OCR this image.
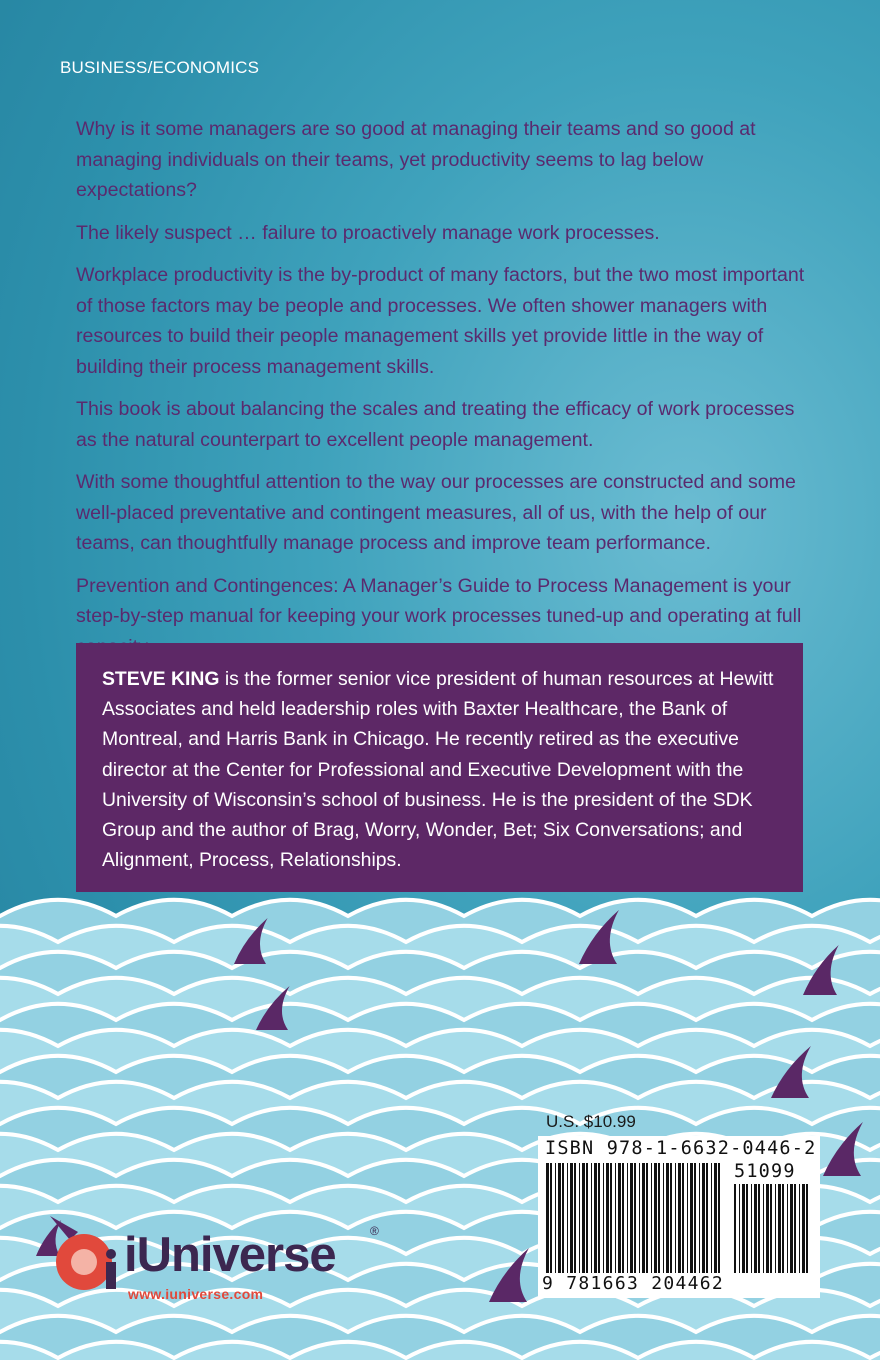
BUSINESS/ECONOMICS

Why is it some managers are so good at managing their teams and so good at managing individuals on their teams, yet productivity seems to lag below expectations?

The likely suspect … failure to proactively manage work processes.

Workplace productivity is the by-product of many factors, but the two most important of those factors may be people and processes. We often shower managers with resources to build their people management skills yet provide little in the way of building their process management skills.

This book is about balancing the scales and treating the efficacy of work processes as the natural counterpart to excellent people management.

With some thoughtful attention to the way our processes are constructed and some well-placed preventative and contingent measures, all of us, with the help of our teams, can thoughtfully manage process and improve team performance.

Prevention and Contingences: A Manager’s Guide to Process Management is your step-by-step manual for keeping your work processes tuned-up and operating at full

STEVE KING is the former senior vice president of human resources at Hewitt Associates and held leadership roles with Baxter Healthcare, the Bank of Montreal, and Harris Bank in Chicago. He recently retired as the executive director at the Center for Professional and Executive Development with the University of Wisconsin’s school of business. He is the president of the SDK Group and the author of Brag, Worry, Wonder, Bet; Six Conversations; and Alignment, Process, Relationships.

U.S. $10.99
ISBN 978-1-6632-0446-2
51099
9 781663 204462
iUniverse	®
www.iuniverse.com
